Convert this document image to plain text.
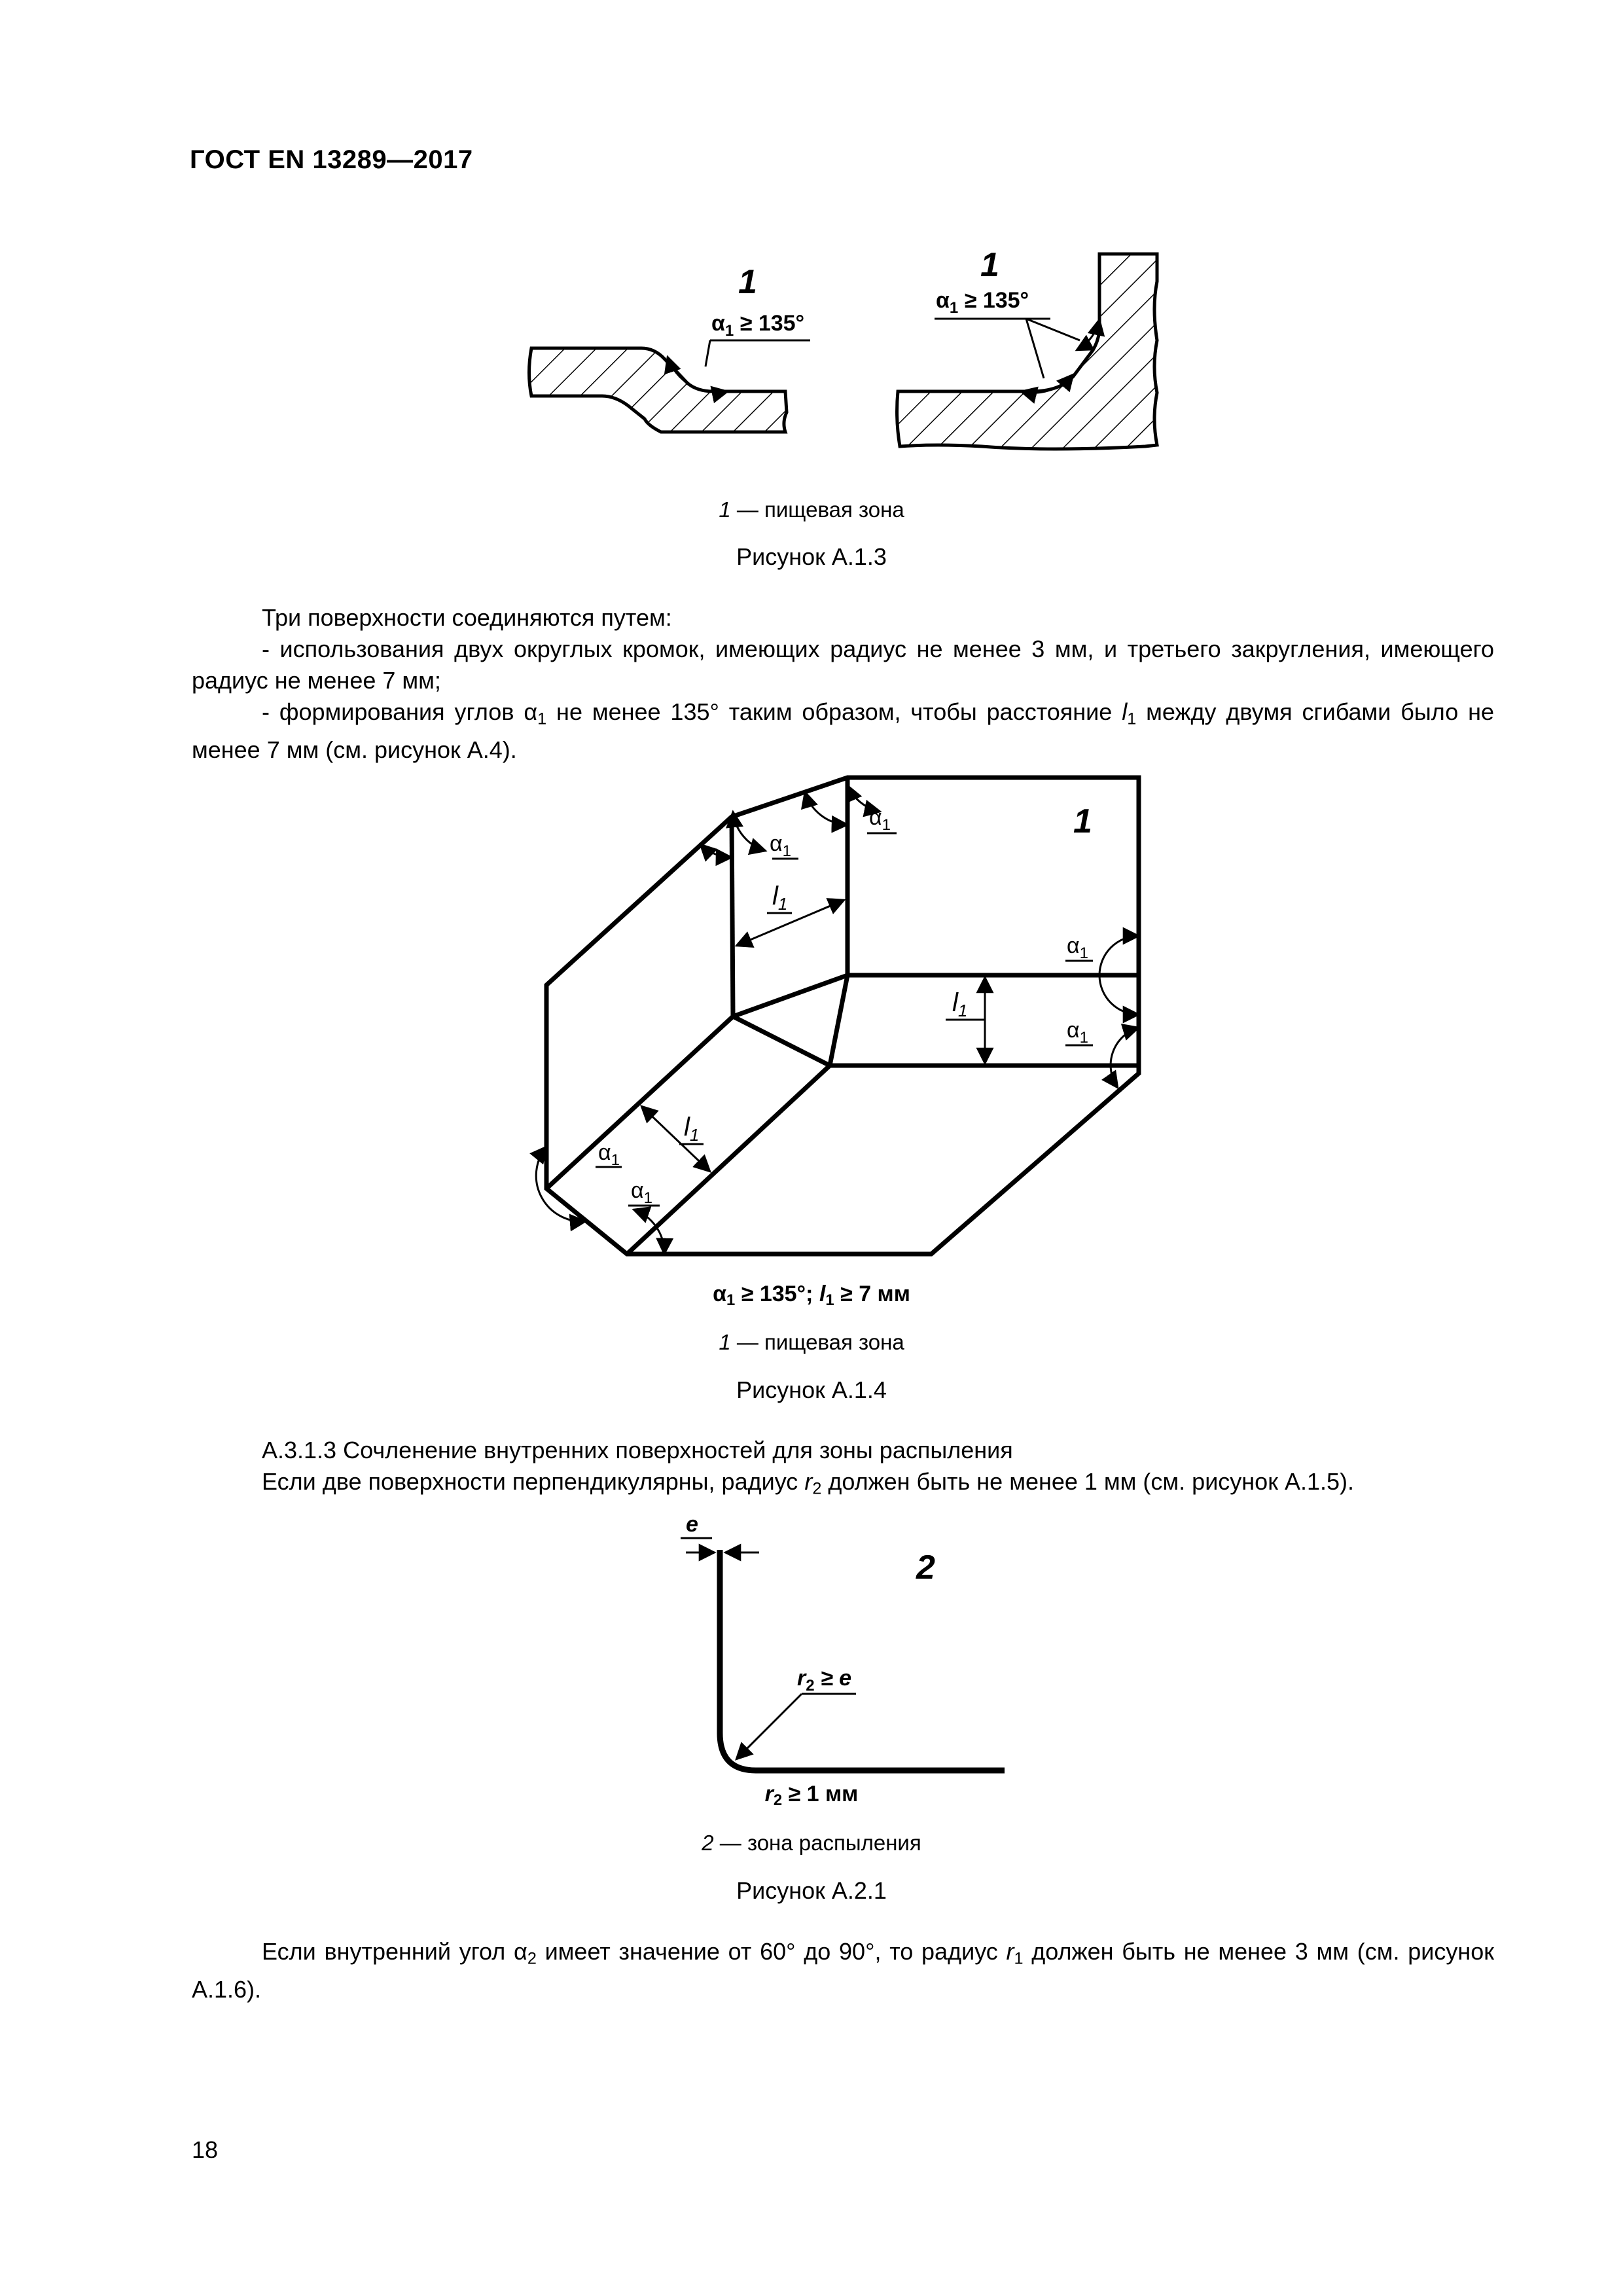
ГОСТ EN 13289—2017
1
$\alpha_1 \ge 135^\circ$
1
$\alpha_1 \ge 135^\circ$
1 — пищевая зона
Рисунок А.1.3
Три поверхности соединяются путем:
- использования двух округлых кромок, имеющих радиус не менее 3 мм, и третьего закругления, имеющего радиус не менее 7 мм;
- формирования углов $\alpha_1$ не менее 135° таким образом, чтобы расстояние $l_1$ между двумя сгибами было не менее 7 мм (см. рисунок А.4).
1
$\alpha_1$
$\alpha_1$
$\alpha_1$
$\alpha_1$
$\alpha_1$
$\alpha_1$
$l_1$
$l_1$
$l_1$
$\alpha_1 \ge 135^\circ$; $l_1 \ge 7$ мм
1 — пищевая зона
Рисунок А.1.4
А.3.1.3 Сочленение внутренних поверхностей для зоны распыления
Если две поверхности перпендикулярны, радиус $r_2$ должен быть не менее 1 мм (см. рисунок А.1.5).
e
2
$r_2 \ge e$
$r_2 \ge 1$ мм
2 — зона распыления
Рисунок А.2.1
Если внутренний угол $\alpha_2$ имеет значение от 60° до 90°, то радиус $r_1$ должен быть не менее 3 мм (см. рисунок А.1.6).
18
